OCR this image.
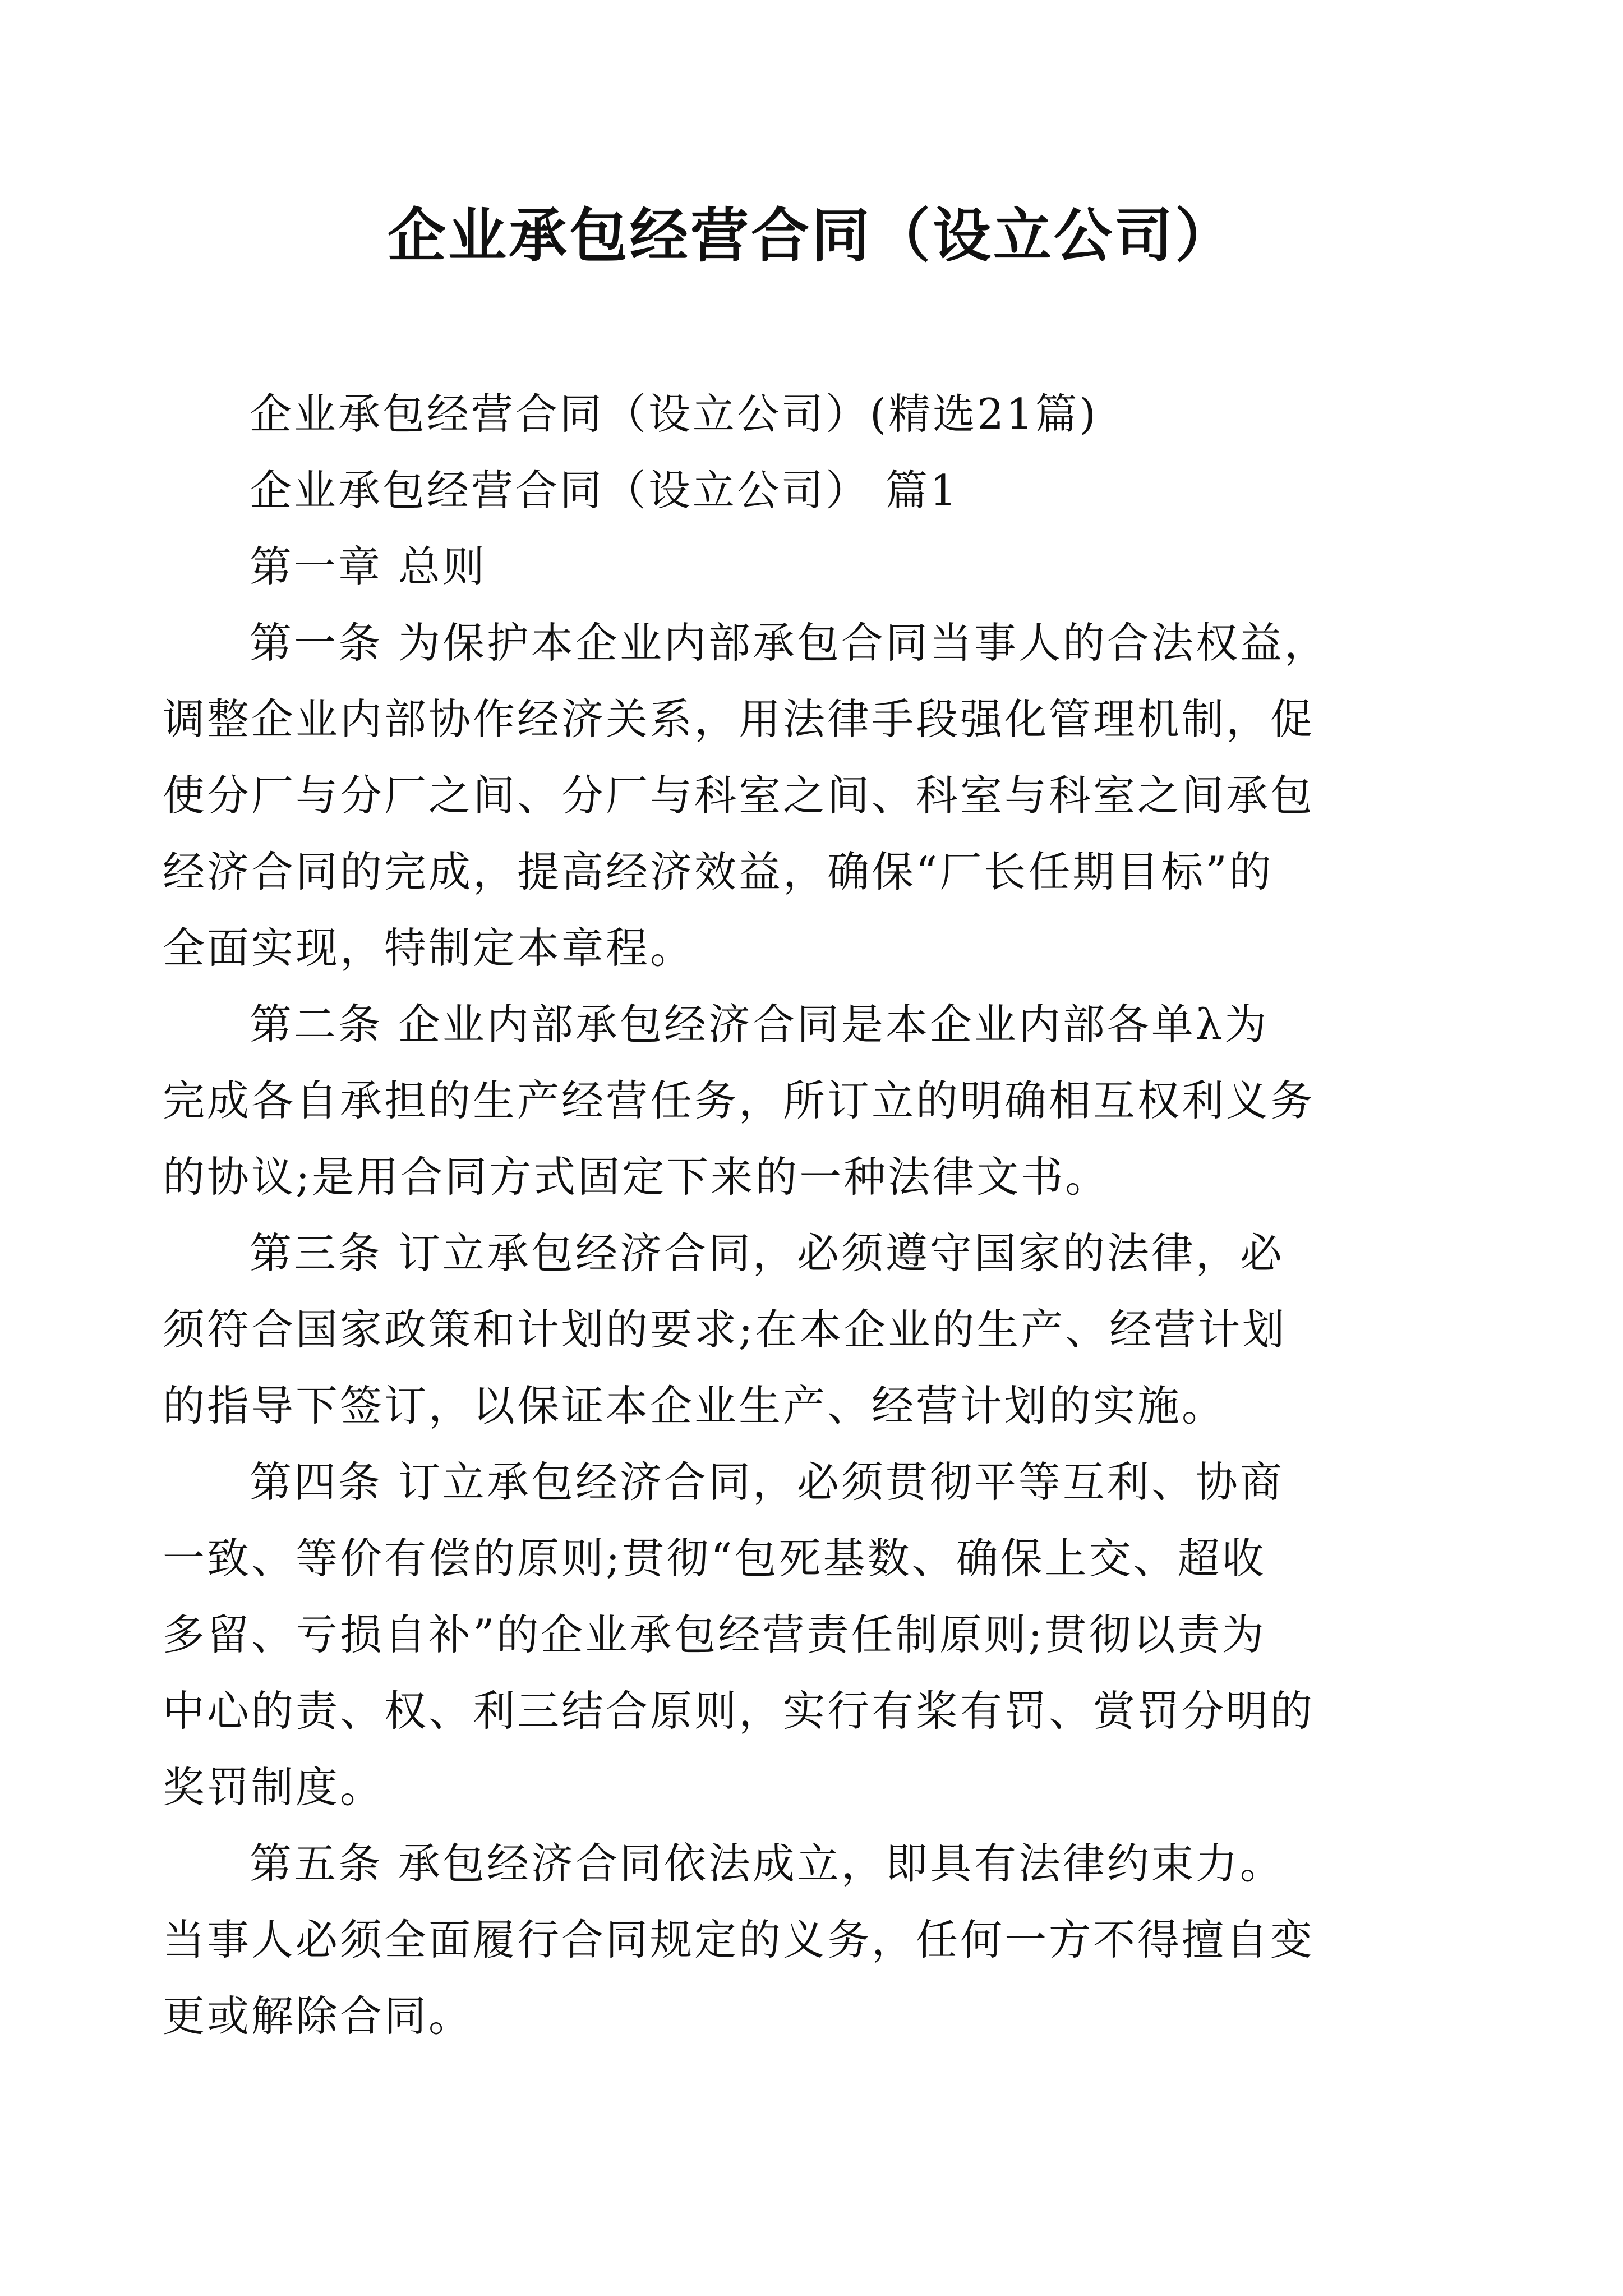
企业承包经营合同（设立公司）

企业承包经营合同（设立公司）(精选21篇)

企业承包经营合同（设立公司） 篇1

第一章 总则

第一条 为保护本企业内部承包合同当事人的合法权益，

调整企业内部协作经济关系，用法律手段强化管理机制，促

使分厂与分厂之间、分厂与科室之间、科室与科室之间承包

经济合同的完成，提高经济效益，确保“厂长任期目标”的

全面实现，特制定本章程。

第二条 企业内部承包经济合同是本企业内部各单λ为

完成各自承担的生产经营任务，所订立的明确相互权利义务

的协议;是用合同方式固定下来的一种法律文书。

第三条 订立承包经济合同，必须遵守国家的法律，必

须符合国家政策和计划的要求;在本企业的生产、经营计划

的指导下签订，以保证本企业生产、经营计划的实施。

第四条 订立承包经济合同，必须贯彻平等互利、协商

一致、等价有偿的原则;贯彻“包死基数、确保上交、超收

多留、亏损自补”的企业承包经营责任制原则;贯彻以责为

中心的责、权、利三结合原则，实行有桨有罚、赏罚分明的

奖罚制度。

第五条 承包经济合同依法成立，即具有法律约束力。

当事人必须全面履行合同规定的义务，任何一方不得擅自变

更或解除合同。
